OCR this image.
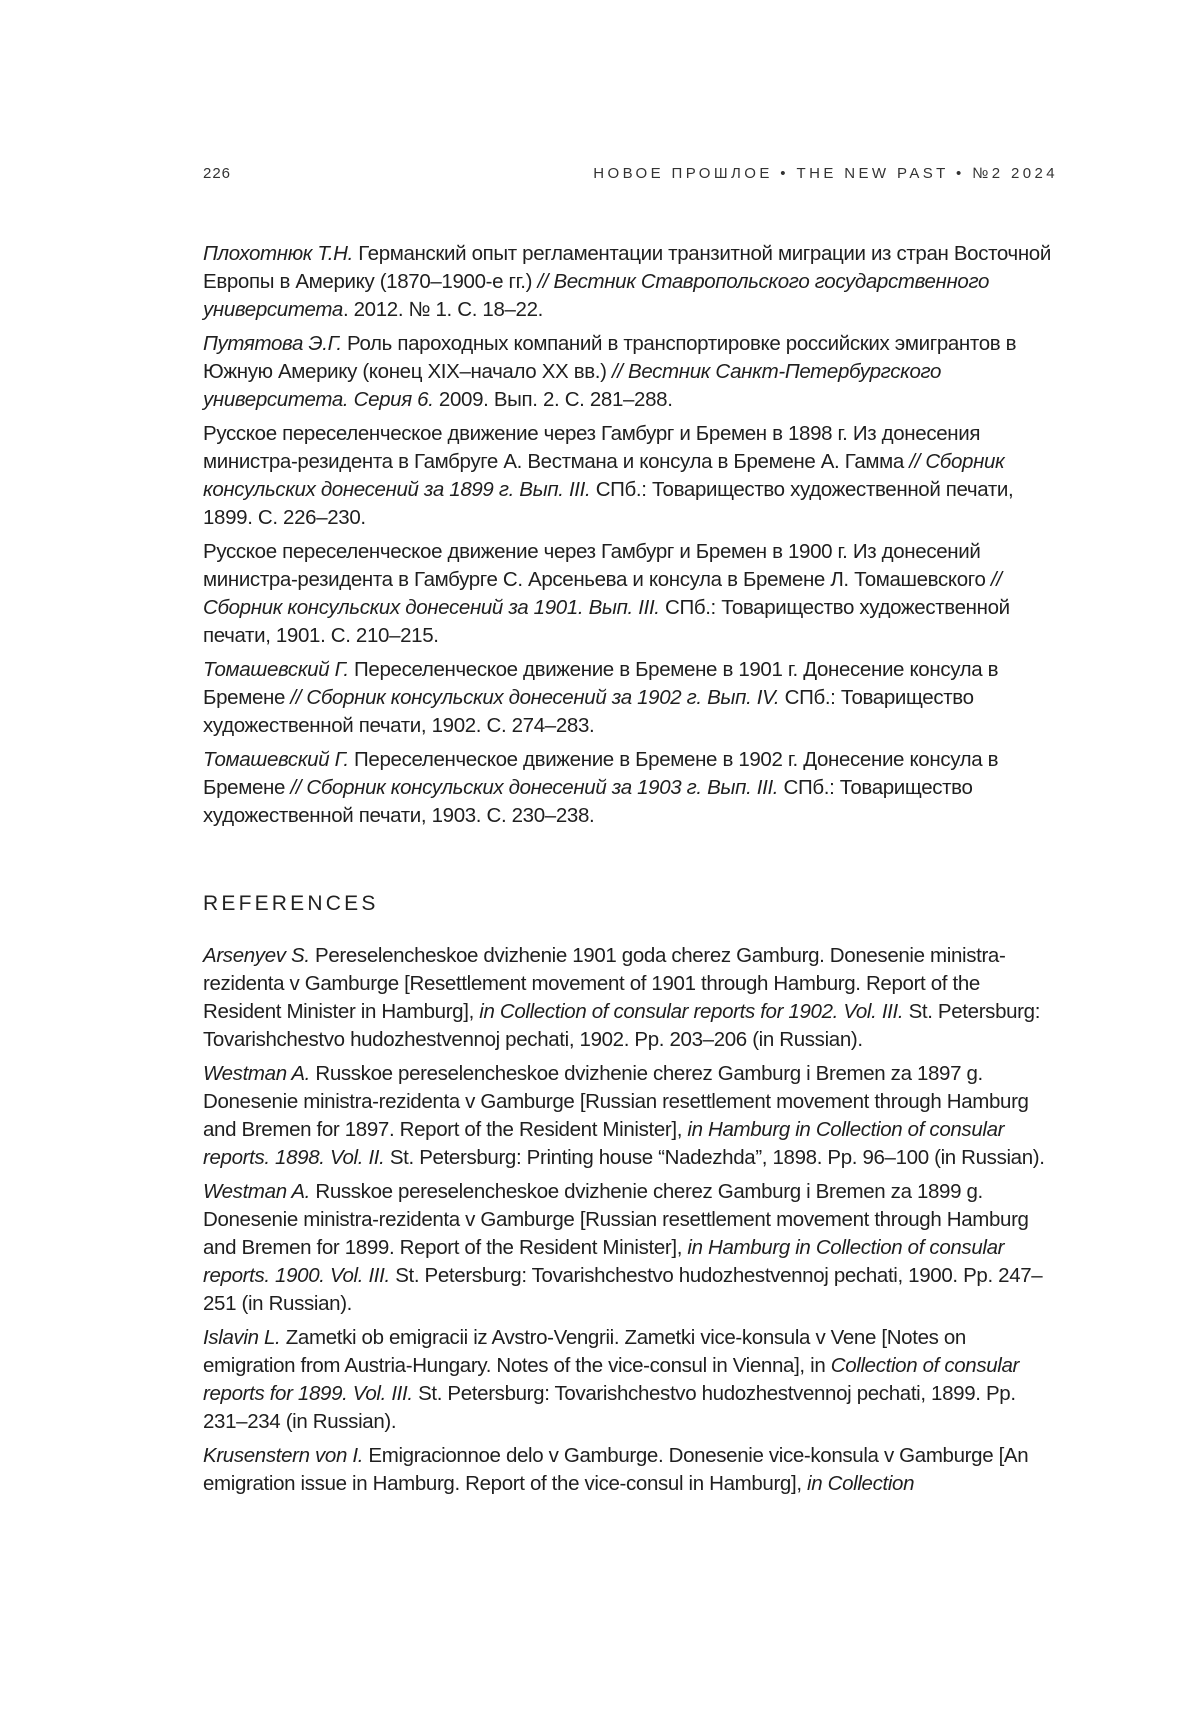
226	НОВОЕ ПРОШЛОЕ • THE NEW PAST • №2 2024

Плохотнюк Т.Н. Германский опыт регламентации транзитной миграции из стран Восточной Европы в Америку (1870–1900-е гг.) // Вестник Ставропольского государственного университета. 2012. № 1. С. 18–22.

Путятова Э.Г. Роль пароходных компаний в транспортировке российских эмигрантов в Южную Америку (конец XIX–начало XX вв.) // Вестник Санкт-Петербургского университета. Серия 6. 2009. Вып. 2. С. 281–288.

Русское переселенческое движение через Гамбург и Бремен в 1898 г. Из донесения министра-резидента в Гамбруге А. Вестмана и консула в Бремене А. Гамма // Сборник консульских донесений за 1899 г. Вып. III. СПб.: Товарищество художественной печати, 1899. С. 226–230.

Русское переселенческое движение через Гамбург и Бремен в 1900 г. Из донесений министра-резидента в Гамбурге С. Арсеньева и консула в Бремене Л. Томашевского // Сборник консульских донесений за 1901. Вып. III. СПб.: Товарищество художественной печати, 1901. С. 210–215.

Томашевский Г. Переселенческое движение в Бремене в 1901 г. Донесение консула в Бремене // Сборник консульских донесений за 1902 г. Вып. IV. СПб.: Товарищество художественной печати, 1902. С. 274–283.

Томашевский Г. Переселенческое движение в Бремене в 1902 г. Донесение консула в Бремене // Сборник консульских донесений за 1903 г. Вып. III. СПб.: Товарищество художественной печати, 1903. С. 230–238.

REFERENCES

Arsenyev S. Pereselencheskoe dvizhenie 1901 goda cherez Gamburg. Donesenie ministra-rezidenta v Gamburge [Resettlement movement of 1901 through Hamburg. Report of the Resident Minister in Hamburg], in Collection of consular reports for 1902. Vol. III. St. Petersburg: Tovarishchestvo hudozhestvennoj pechati, 1902. Pp. 203–206 (in Russian).

Westman A. Russkoe pereselencheskoe dvizhenie cherez Gamburg i Bremen za 1897 g. Donesenie ministra-rezidenta v Gamburge [Russian resettlement movement through Hamburg and Bremen for 1897. Report of the Resident Minister], in Hamburg in Collection of consular reports. 1898. Vol. II. St. Petersburg: Printing house “Nadezhda”, 1898. Pp. 96–100 (in Russian).

Westman A. Russkoe pereselencheskoe dvizhenie cherez Gamburg i Bremen za 1899 g. Donesenie ministra-rezidenta v Gamburge [Russian resettlement movement through Hamburg and Bremen for 1899. Report of the Resident Minister], in Hamburg in Collection of consular reports. 1900. Vol. III. St. Petersburg: Tovarishchestvo hudozhestvennoj pechati, 1900. Pp. 247–251 (in Russian).

Islavin L. Zametki ob emigracii iz Avstro-Vengrii. Zametki vice-konsula v Vene [Notes on emigration from Austria-Hungary. Notes of the vice-consul in Vienna], in Collection of consular reports for 1899. Vol. III. St. Petersburg: Tovarishchestvo hudozhestvennoj pechati, 1899. Pp. 231–234 (in Russian).

Krusenstern von I. Emigracionnoe delo v Gamburge. Donesenie vice-konsula v Gamburge [An emigration issue in Hamburg. Report of the vice-consul in Hamburg], in Collection
